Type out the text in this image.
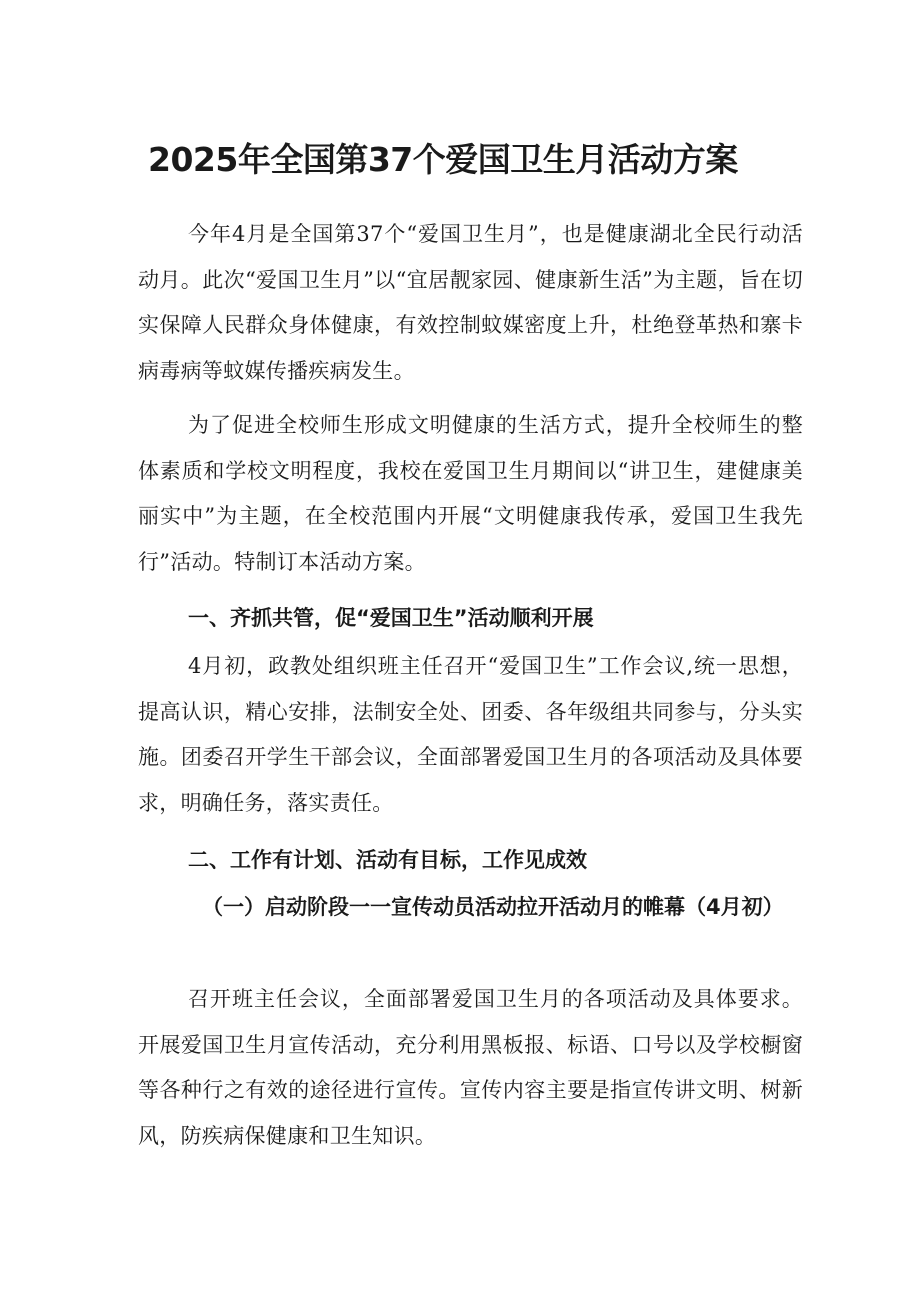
2025年全国第37个爱国卫生月活动方案

今年4月是全国第37个“爱国卫生月”，也是健康湖北全民行动活动月。此次“爱国卫生月”以“宜居靓家园、健康新生活”为主题，旨在切实保障人民群众身体健康，有效控制蚊媒密度上升，杜绝登革热和寨卡病毒病等蚊媒传播疾病发生。

为了促进全校师生形成文明健康的生活方式，提升全校师生的整体素质和学校文明程度，我校在爱国卫生月期间以“讲卫生，建健康美丽实中”为主题，在全校范围内开展“文明健康我传承，爱国卫生我先行”活动。特制订本活动方案。

一、齐抓共管，促“爱国卫生”活动顺利开展

4月初，政教处组织班主任召开“爱国卫生”工作会议,统一思想，提高认识，精心安排，法制安全处、团委、各年级组共同参与，分头实施。团委召开学生干部会议，全面部署爱国卫生月的各项活动及具体要求，明确任务，落实责任。

二、工作有计划、活动有目标，工作见成效

（一）启动阶段一一宣传动员活动拉开活动月的帷幕（4月初）

召开班主任会议，全面部署爱国卫生月的各项活动及具体要求。开展爱国卫生月宣传活动，充分利用黑板报、标语、口号以及学校橱窗等各种行之有效的途径进行宣传。宣传内容主要是指宣传讲文明、树新风，防疾病保健康和卫生知识。
